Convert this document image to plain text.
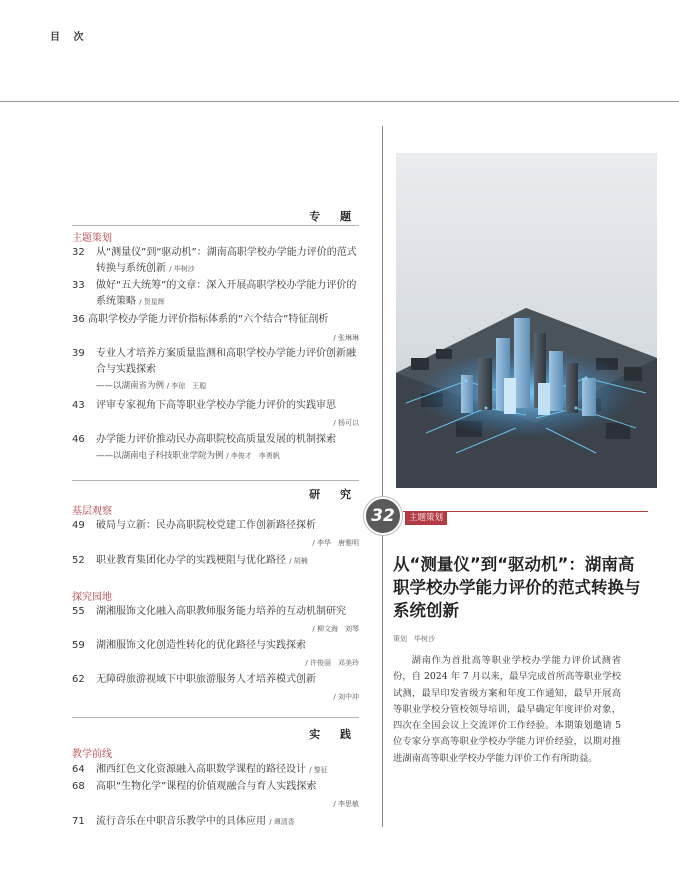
目 次
专 题
主题策划
32	从“测量仪”到“驱动机”：湖南高职学校办学能力评价的范式转换与系统创新 / 毕树沙
33	做好“五大统筹”的文章：深入开展高职学校办学能力评价的系统策略 / 贺星辉
36 高职学校办学能力评价指标体系的“六个结合”特征剖析
/ 张琳琳
39	专业人才培养方案质量监测和高职学校办学能力评价创新融合与实践探索
——以湖南省为例 / 李琼　王聪
43	评审专家视角下高等职业学校办学能力评价的实践审思
/ 杨可以
46	办学能力评价推动民办高职院校高质量发展的机制探索
——以湖南电子科技职业学院为例 / 李俊才　李勇帆
研 究
基层观察
49	破局与立新：民办高职院校党建工作创新路径探析
/ 李华　唐雅明
52	职业教育集团化办学的实践梗阻与优化路径 / 胡楠
探究园地
55	湖湘服饰文化融入高职教师服务能力培养的互动机制研究
/ 柳文海　刘琴
59	湖湘服饰文化创造性转化的优化路径与实践探索
/ 许俊丽　邓美玲
62	无障碍旅游视域下中职旅游服务人才培养模式创新
/ 刘中冲
实 践
教学前线
64	湘西红色文化资源融入高职数学课程的路径设计 / 黎征
68	高职“生物化学”课程的价值观融合与育人实践探索
/ 李思敏
71	流行音乐在中职音乐教学中的具体应用 / 谭清香
32	主题策划
从“测量仪”到“驱动机”：湖南高职学校办学能力评价的范式转换与系统创新
策划　毕树沙

湖南作为首批高等职业学校办学能力评价试测省份，自 2024 年 7 月以来，最早完成首所高等职业学校试测，最早印发省级方案和年度工作通知，最早开展高等职业学校分管校领导培训，最早确定年度评价对象，四次在全国会议上交流评价工作经验。本期策划邀请 5 位专家分享高等职业学校办学能力评价经验，以期对推进湖南高等职业学校办学能力评价工作有所助益。
